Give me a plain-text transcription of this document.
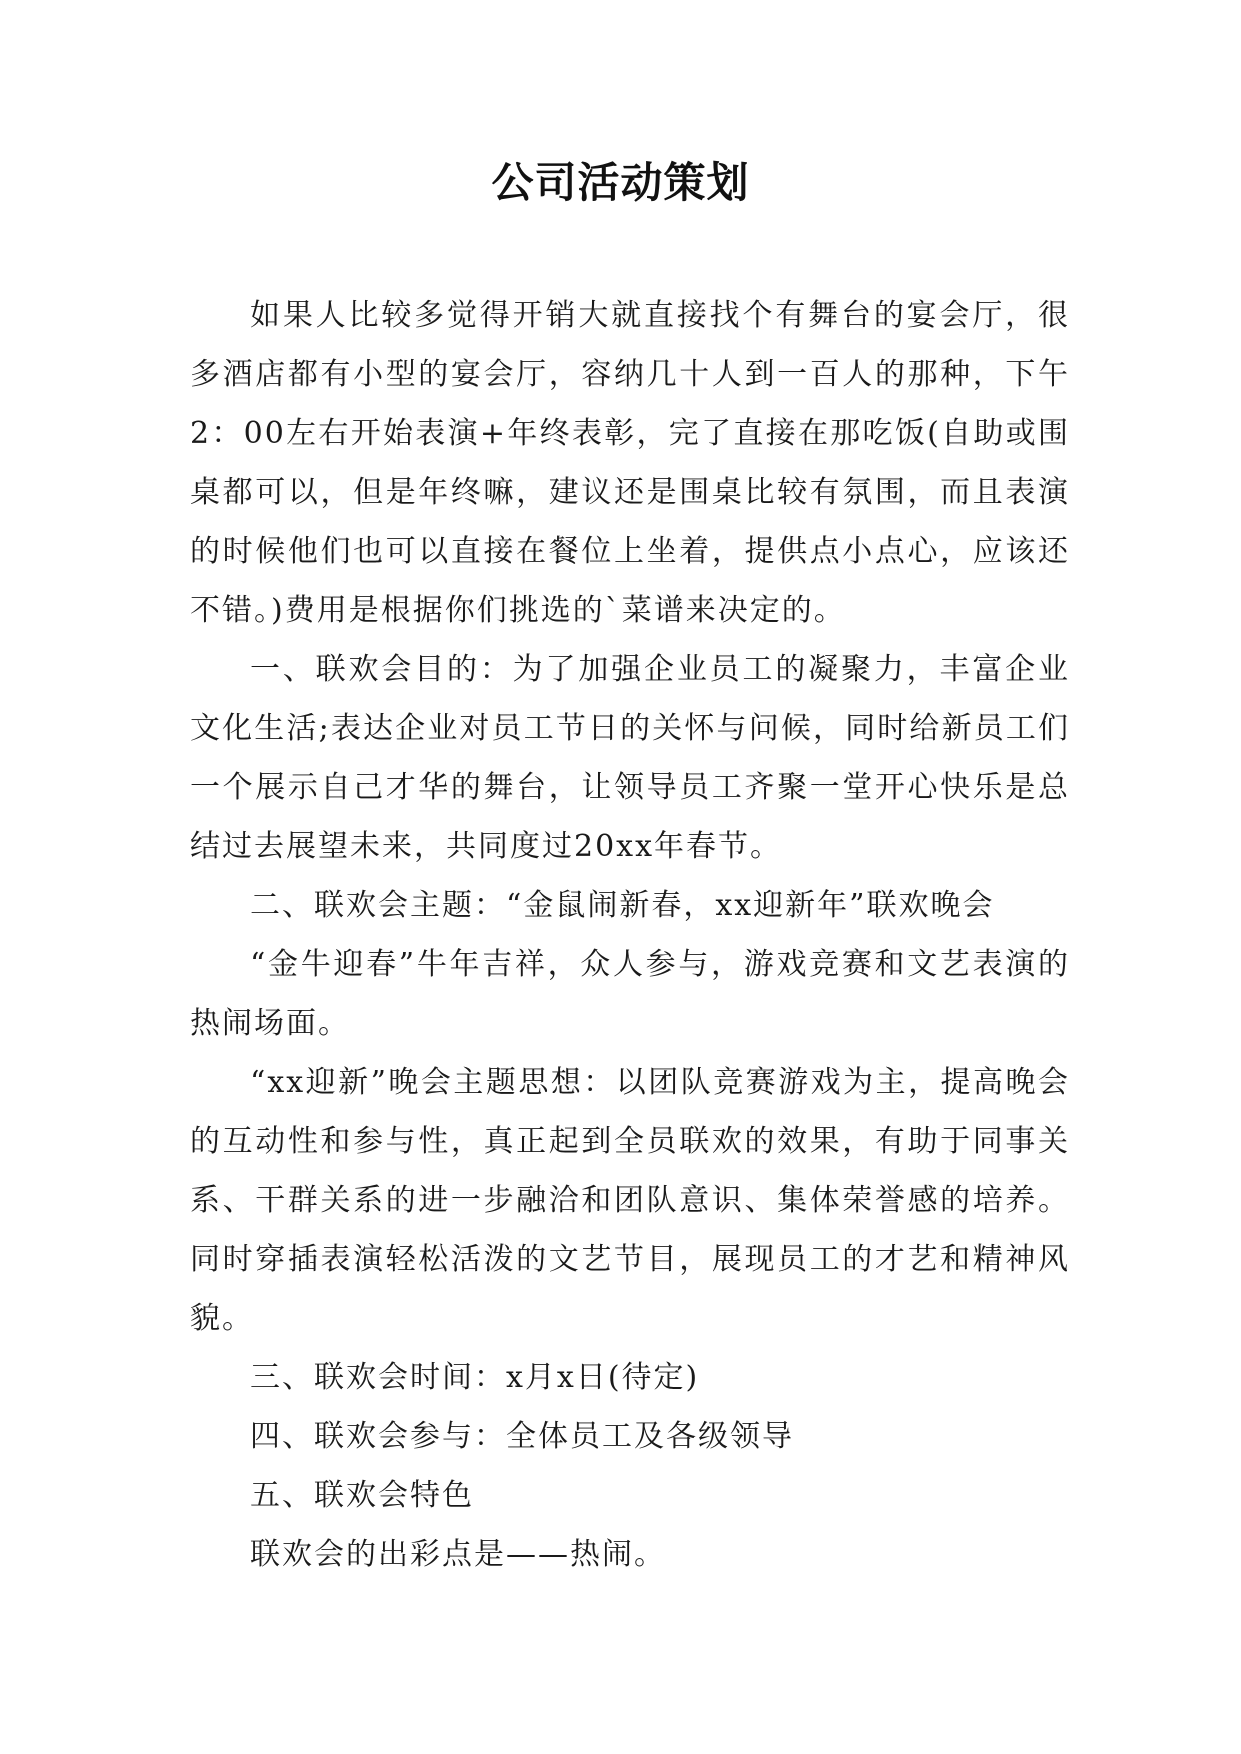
公司活动策划

如果人比较多觉得开销大就直接找个有舞台的宴会厅，很多酒店都有小型的宴会厅，容纳几十人到一百人的那种，下午2：00左右开始表演+年终表彰，完了直接在那吃饭(自助或围桌都可以，但是年终嘛，建议还是围桌比较有氛围，而且表演的时候他们也可以直接在餐位上坐着，提供点小点心，应该还不错。)费用是根据你们挑选的`菜谱来决定的。

一、联欢会目的：为了加强企业员工的凝聚力，丰富企业文化生活;表达企业对员工节日的关怀与问候，同时给新员工们一个展示自己才华的舞台，让领导员工齐聚一堂开心快乐是总结过去展望未来，共同度过20xx年春节。

二、联欢会主题：“金鼠闹新春，xx迎新年”联欢晚会

“金牛迎春”牛年吉祥，众人参与，游戏竞赛和文艺表演的热闹场面。

“xx迎新”晚会主题思想：以团队竞赛游戏为主，提高晚会的互动性和参与性，真正起到全员联欢的效果，有助于同事关系、干群关系的进一步融洽和团队意识、集体荣誉感的培养。同时穿插表演轻松活泼的文艺节目，展现员工的才艺和精神风貌。

三、联欢会时间：x月x日(待定)

四、联欢会参与：全体员工及各级领导

五、联欢会特色

联欢会的出彩点是——热闹。
